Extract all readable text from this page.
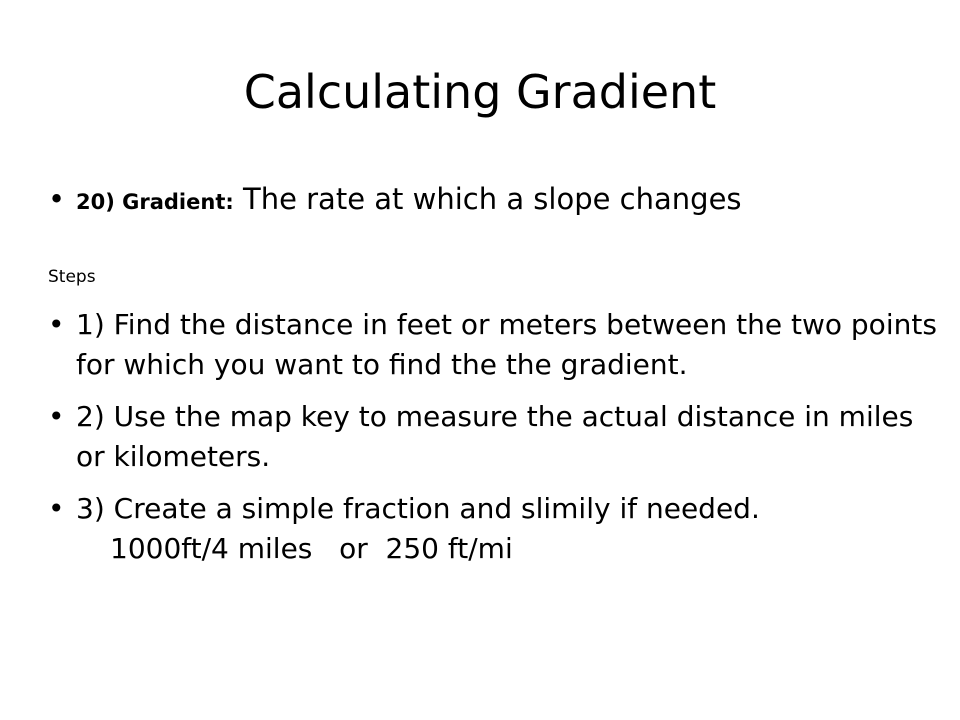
Calculating Gradient
• 20) Gradient: The rate at which a slope changes
Steps
• 1) Find the distance in feet or meters between the two points for which you want to find the the gradient.
• 2) Use the map key to measure the actual distance in miles or kilometers.
• 3) Create a simple fraction and slimily if needed.
1000ft/4 miles   or  250 ft/mi
